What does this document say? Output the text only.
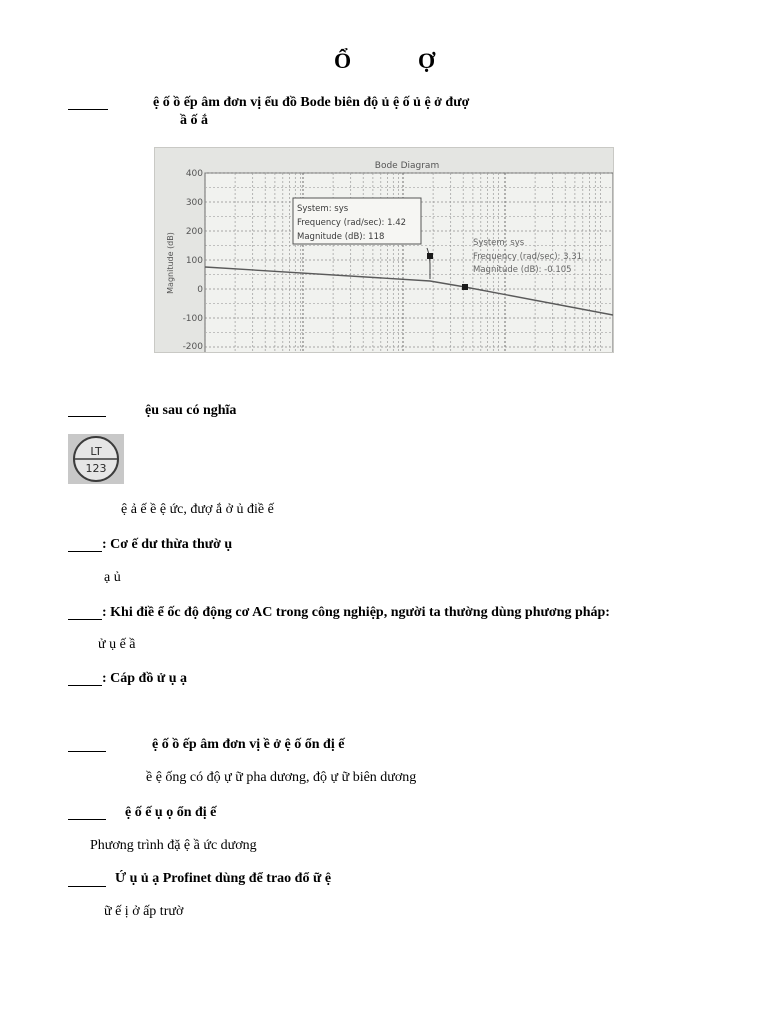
Ổ	Ợ
ệ ố ồ ếp âm đơn vị ểu đồ Bode biên độ ủ ệ ố ủ ệ ở đượ
ầ ố ắ
Bode Diagram
Magnitude (dB)
400
300
200
100
0
-100
-200
System: sys
Frequency (rad/sec): 1.42
Magnitude (dB): 118
System: sys
Frequency (rad/sec): 3.31
Magnitude (dB): -0.105
ệu sau có nghĩa
LT
123
ệ ả ế ề ệ ức, đượ ắ ở ủ điề ế
: Cơ ế dư thừa thườ ụ
ạ ủ
: Khi điề ể ốc độ động cơ AC trong công nghiệp, người ta thường dùng phương pháp:
ử ụ ế ầ
: Cáp đồ ử ụ ạ
ệ ố ồ ếp âm đơn vị ề ở ệ ố ổn đị ế
ề ệ ống có độ ự ữ pha dương, độ ự ữ biên dương
ệ ố ế ụ ọ ổn đị ế
Phương trình đặ ệ ầ ức dương
Ứ ụ ủ ạ Profinet dùng để trao đổ ữ ệ
ữ ế ị ở ấp trườ
